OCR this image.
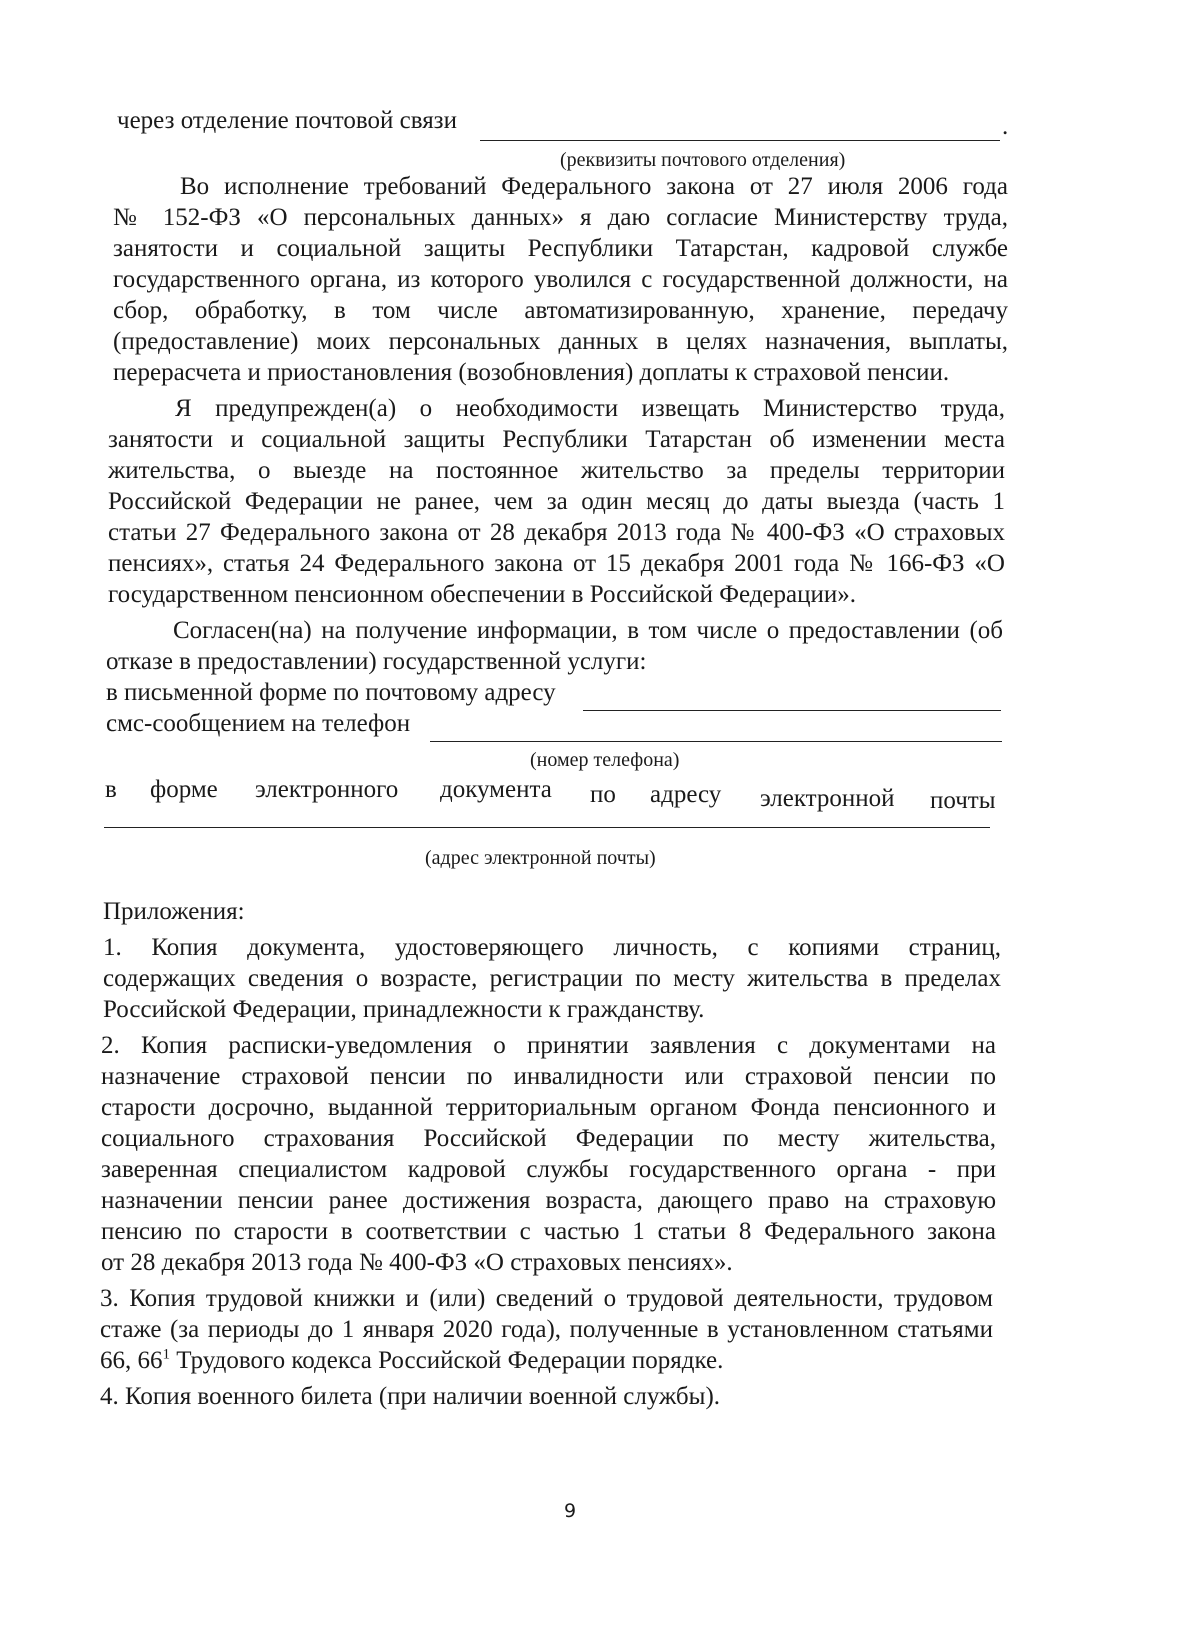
через отделение почтовой связи	.
(реквизиты почтового отделения)
Во исполнение требований Федерального закона от 27 июля 2006 года
№ 152-ФЗ «О персональных данных» я даю согласие Министерству труда,
занятости и социальной защиты Республики Татарстан, кадровой службе
государственного органа, из которого уволился с государственной должности, на
сбор, обработку, в том числе автоматизированную, хранение, передачу
(предоставление) моих персональных данных в целях назначения, выплаты,
перерасчета и приостановления (возобновления) доплаты к страховой пенсии.
Я предупрежден(а) о необходимости извещать Министерство труда,
занятости и социальной защиты Республики Татарстан об изменении места
жительства, о выезде на постоянное жительство за пределы территории
Российской Федерации не ранее, чем за один месяц до даты выезда (часть 1
статьи 27 Федерального закона от 28 декабря 2013 года № 400-ФЗ «О страховых
пенсиях», статья 24 Федерального закона от 15 декабря 2001 года № 166-ФЗ «О
государственном пенсионном обеспечении в Российской Федерации».
Согласен(на) на получение информации, в том числе о предоставлении (об
отказе в предоставлении) государственной услуги:
в письменной форме по почтовому адресу
смс-сообщением на телефон
(номер телефона)
в форме электронного документа по адресу электронной почты
(адрес электронной почты)
Приложения:
1. Копия документа, удостоверяющего личность, с копиями страниц,
содержащих сведения о возрасте, регистрации по месту жительства в пределах
Российской Федерации, принадлежности к гражданству.
2. Копия расписки-уведомления о принятии заявления с документами на
назначение страховой пенсии по инвалидности или страховой пенсии по
старости досрочно, выданной территориальным органом Фонда пенсионного и
социального страхования Российской Федерации по месту жительства,
заверенная специалистом кадровой службы государственного органа - при
назначении пенсии ранее достижения возраста, дающего право на страховую
пенсию по старости в соответствии с частью 1 статьи 8 Федерального закона
от 28 декабря 2013 года № 400-ФЗ «О страховых пенсиях».
3. Копия трудовой книжки и (или) сведений о трудовой деятельности, трудовом
стаже (за периоды до 1 января 2020 года), полученные в установленном статьями
66, $66^1$ Трудового кодекса Российской Федерации порядке.
4. Копия военного билета (при наличии военной службы).
9
